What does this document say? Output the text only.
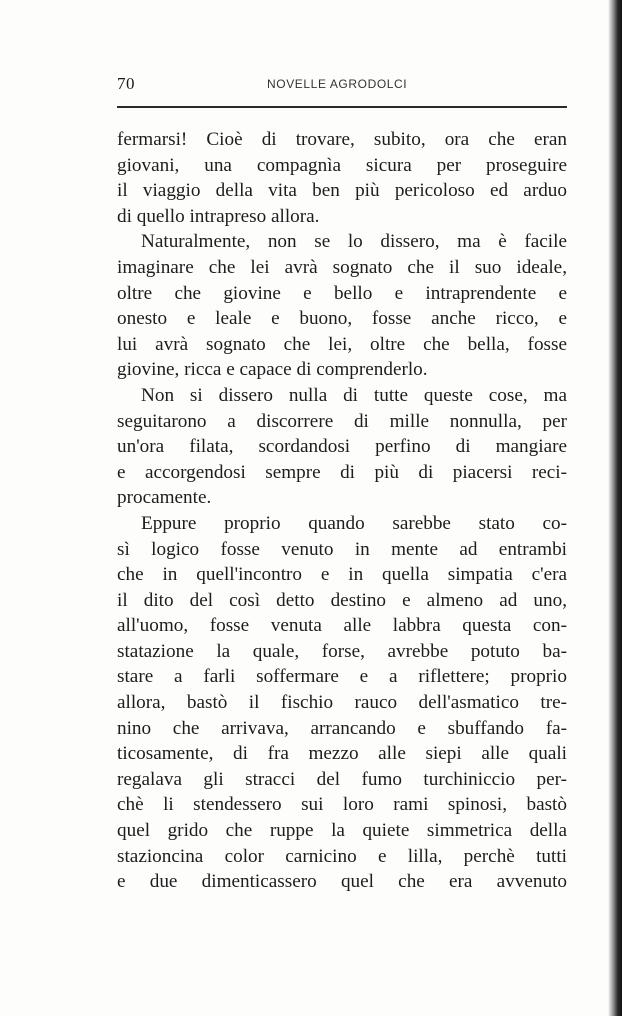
70	NOVELLE AGRODOLCI
fermarsi! Cioè di trovare, subito, ora che eran
giovani, una compagnìa sicura per proseguire
il viaggio della vita ben più pericoloso ed arduo
di quello intrapreso allora.
Naturalmente, non se lo dissero, ma è facile
imaginare che lei avrà sognato che il suo ideale,
oltre che giovine e bello e intraprendente e
onesto e leale e buono, fosse anche ricco, e
lui avrà sognato che lei, oltre che bella, fosse
giovine, ricca e capace di comprenderlo.
Non si dissero nulla di tutte queste cose, ma
seguitarono a discorrere di mille nonnulla, per
un'ora filata, scordandosi perfino di mangiare
e accorgendosi sempre di più di piacersi reci-
procamente.
Eppure proprio quando sarebbe stato co-
sì logico fosse venuto in mente ad entrambi
che in quell'incontro e in quella simpatia c'era
il dito del così detto destino e almeno ad uno,
all'uomo, fosse venuta alle labbra questa con-
statazione la quale, forse, avrebbe potuto ba-
stare a farli soffermare e a riflettere; proprio
allora, bastò il fischio rauco dell'asmatico tre-
nino che arrivava, arrancando e sbuffando fa-
ticosamente, di fra mezzo alle siepi alle quali
regalava gli stracci del fumo turchiniccio per-
chè li stendessero sui loro rami spinosi, bastò
quel grido che ruppe la quiete simmetrica della
stazioncina color carnicino e lilla, perchè tutti
e due dimenticassero quel che era avvenuto
